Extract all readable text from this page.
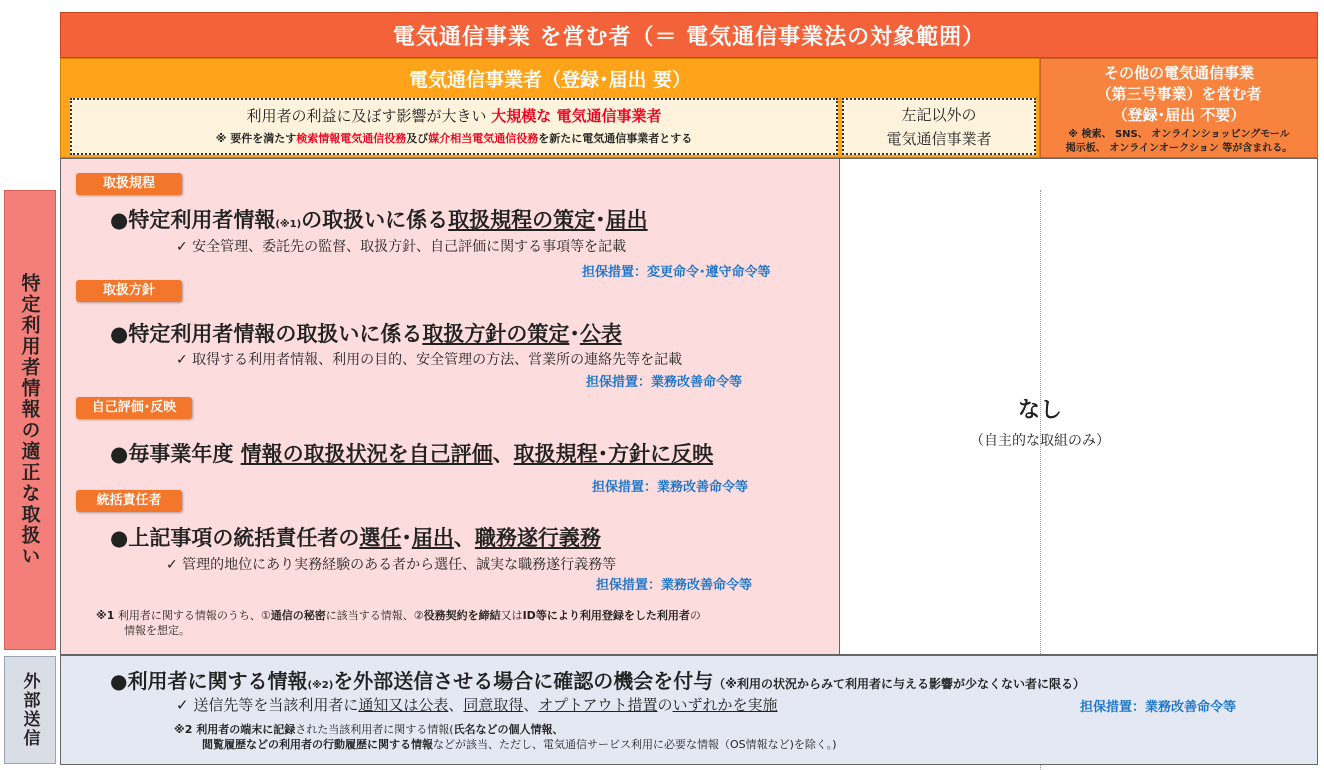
電気通信事業 を営む者（＝ 電気通信事業法の対象範囲）
電気通信事業者（登録･届出 要）
利用者の利益に及ぼす影響が大きい 大規模な 電気通信事業者
※ 要件を満たす検索情報電気通信役務及び媒介相当電気通信役務を新たに電気通信事業者とする
左記以外の
電気通信事業者
その他の電気通信事業
（第三号事業）を営む者
（登録･届出 不要）
※ 検索、 SNS、 オンラインショッピングモール
掲示板、 オンラインオークション 等が含まれる。
特定利用者情報の適正な取扱い
外部送信
取扱規程
●特定利用者情報(※1)の取扱いに係る取扱規程の策定･届出
✓ 安全管理、委託先の監督、取扱方針、自己評価に関する事項等を記載
担保措置：変更命令･遵守命令等
取扱方針
●特定利用者情報の取扱いに係る取扱方針の策定･公表
✓ 取得する利用者情報、利用の目的、安全管理の方法、営業所の連絡先等を記載
担保措置：業務改善命令等
自己評価･反映
●毎事業年度 情報の取扱状況を自己評価、取扱規程･方針に反映
担保措置：業務改善命令等
統括責任者
●上記事項の統括責任者の選任･届出、職務遂行義務
✓ 管理的地位にあり実務経験のある者から選任、誠実な職務遂行義務等
担保措置：業務改善命令等
※1 利用者に関する情報のうち、①通信の秘密に該当する情報、②役務契約を締結又はID等により利用登録をした利用者の
情報を想定。
なし
（自主的な取組のみ）
●利用者に関する情報(※2)を外部送信させる場合に確認の機会を付与（※利用の状況からみて利用者に与える影響が少なくない者に限る）
✓ 送信先等を当該利用者に通知又は公表、同意取得、オプトアウト措置のいずれかを実施	担保措置：業務改善命令等
※2 利用者の端末に記録された当該利用者に関する情報(氏名などの個人情報、
閲覧履歴などの利用者の行動履歴に関する情報などが該当、ただし、電気通信サービス利用に必要な情報（OS情報など)を除く。)
